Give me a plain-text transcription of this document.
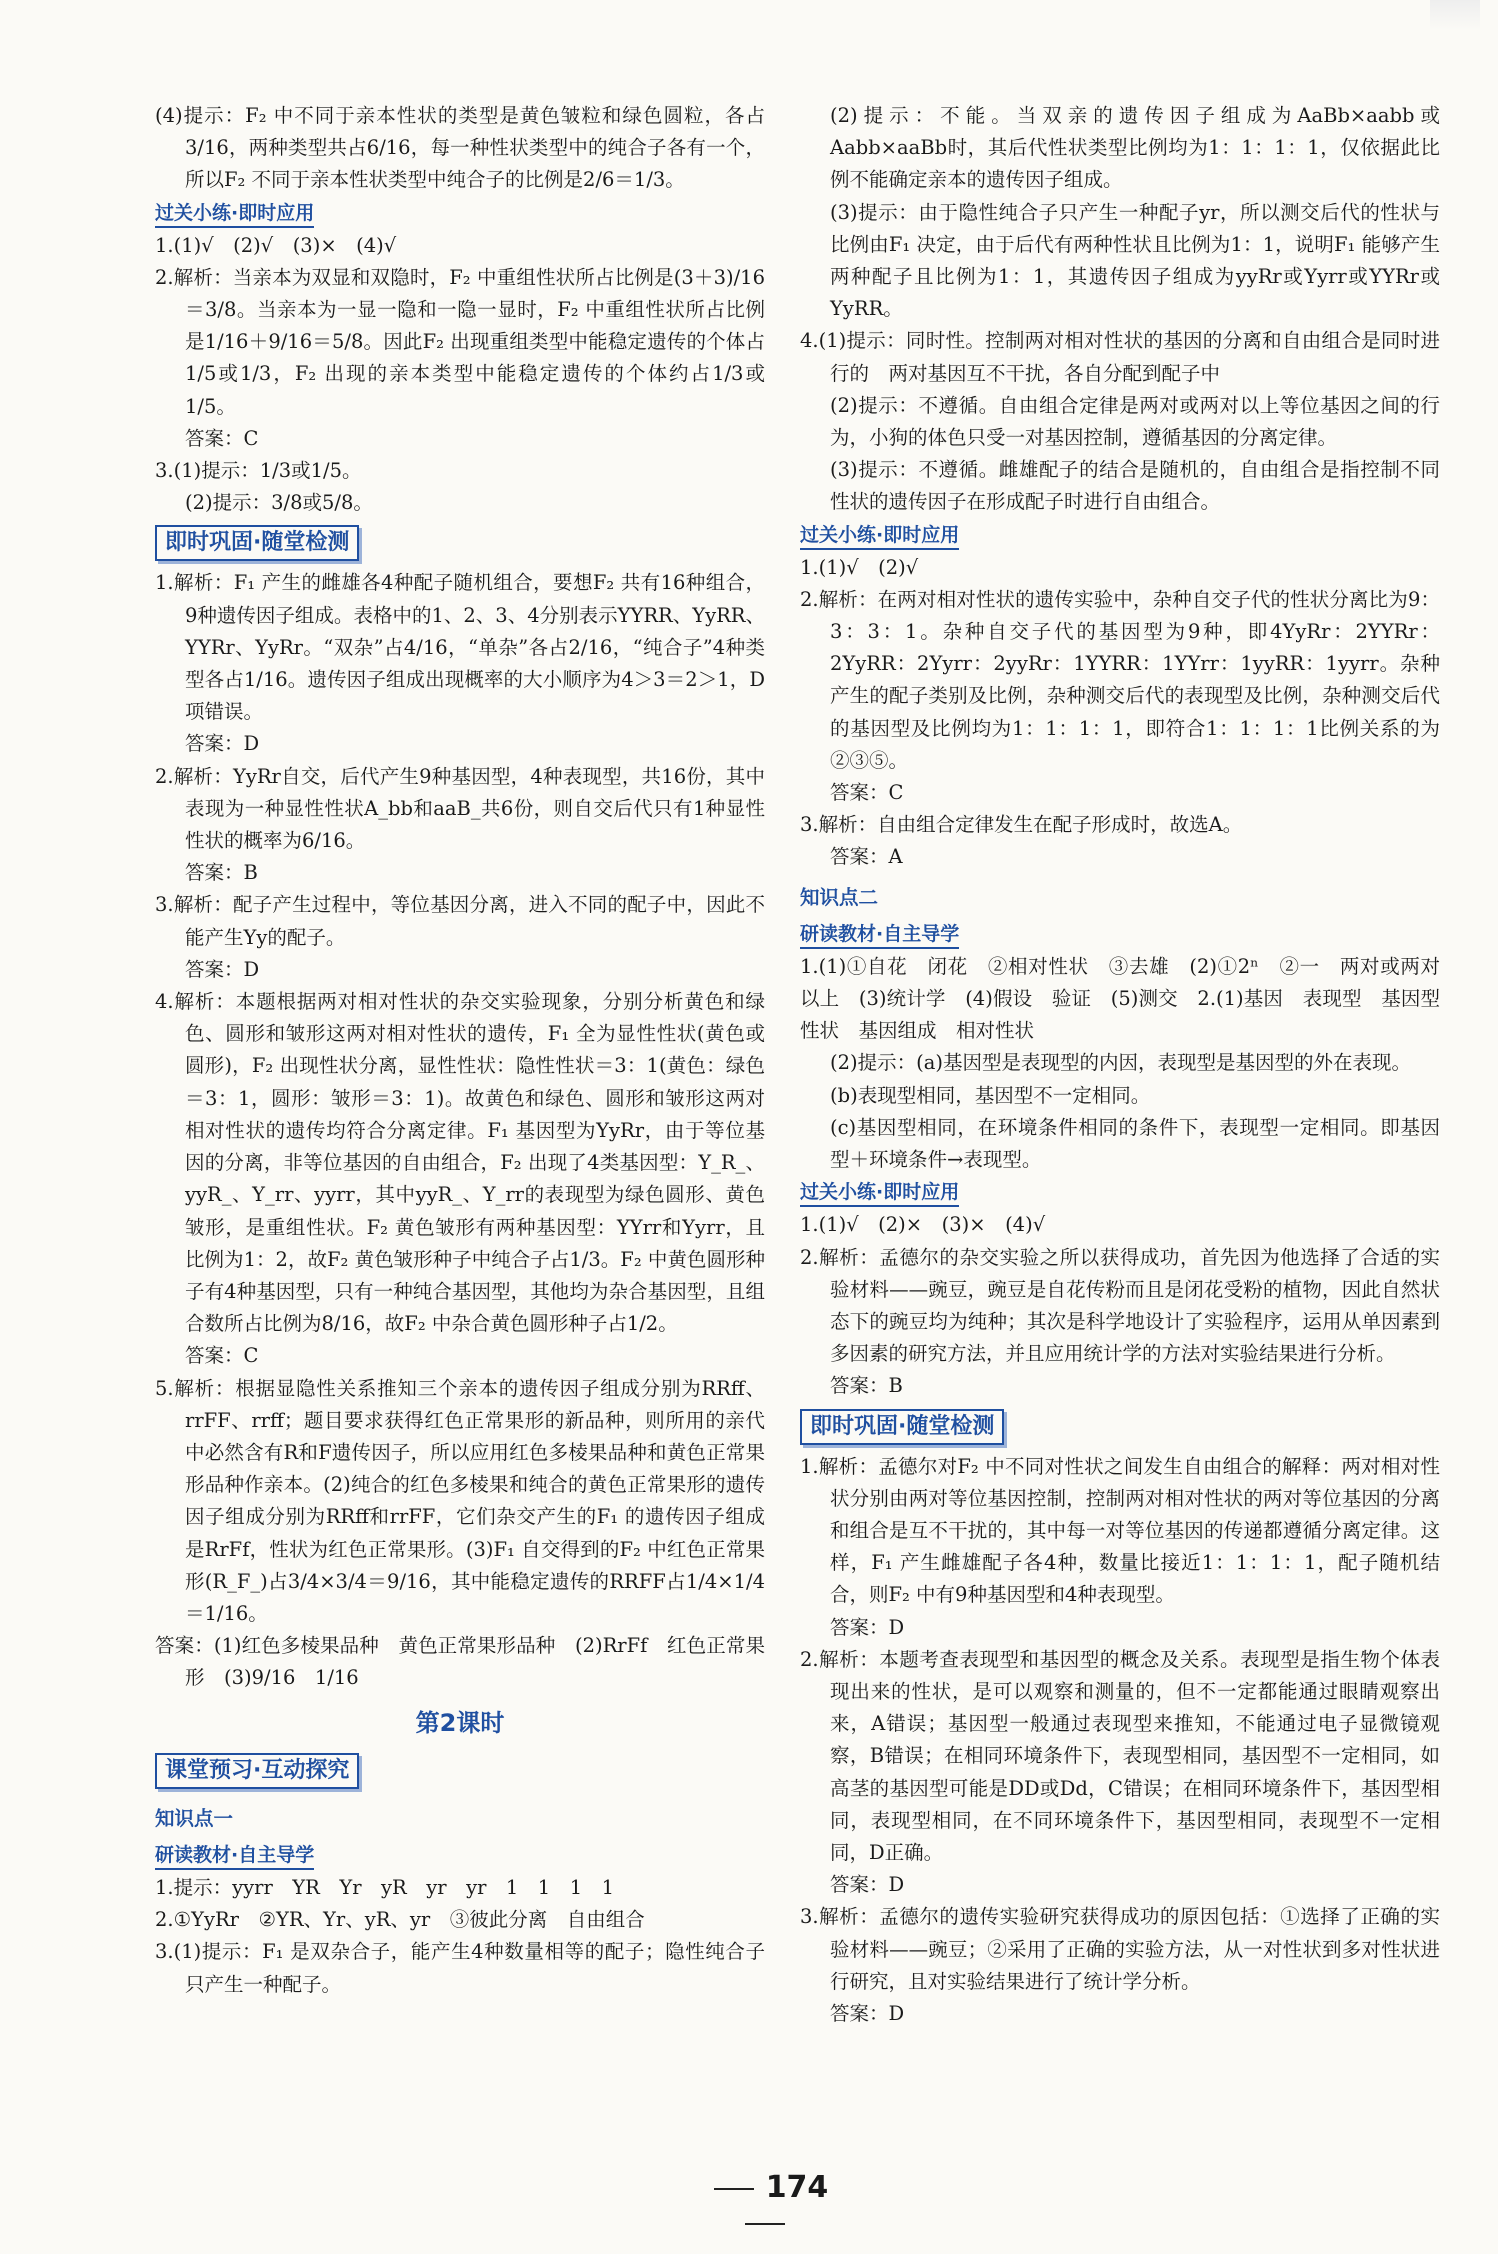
(4)提示：F₂ 中不同于亲本性状的类型是黄色皱粒和绿色圆粒，各占3/16，两种类型共占6/16，每一种性状类型中的纯合子各有一个，所以F₂ 不同于亲本性状类型中纯合子的比例是2/6＝1/3。

过关小练·即时应用

1.(1)√　(2)√　(3)×　(4)√

2.解析：当亲本为双显和双隐时，F₂ 中重组性状所占比例是(3＋3)/16＝3/8。当亲本为一显一隐和一隐一显时，F₂ 中重组性状所占比例是1/16＋9/16＝5/8。因此F₂ 出现重组类型中能稳定遗传的个体占1/5或1/3，F₂ 出现的亲本类型中能稳定遗传的个体约占1/3或1/5。

答案：C

3.(1)提示：1/3或1/5。

(2)提示：3/8或5/8。

即时巩固·随堂检测

1.解析：F₁ 产生的雌雄各4种配子随机组合，要想F₂ 共有16种组合，9种遗传因子组成。表格中的1、2、3、4分别表示YYRR、YyRR、YYRr、YyRr。“双杂”占4/16，“单杂”各占2/16，“纯合子”4种类型各占1/16。遗传因子组成出现概率的大小顺序为4＞3＝2＞1，D项错误。

答案：D

2.解析：YyRr自交，后代产生9种基因型，4种表现型，共16份，其中表现为一种显性性状A_bb和aaB_共6份，则自交后代只有1种显性性状的概率为6/16。

答案：B

3.解析：配子产生过程中，等位基因分离，进入不同的配子中，因此不能产生Yy的配子。

答案：D

4.解析：本题根据两对相对性状的杂交实验现象，分别分析黄色和绿色、圆形和皱形这两对相对性状的遗传，F₁ 全为显性性状(黄色或圆形)，F₂ 出现性状分离，显性性状：隐性性状＝3：1(黄色：绿色＝3：1，圆形：皱形＝3：1)。故黄色和绿色、圆形和皱形这两对相对性状的遗传均符合分离定律。F₁ 基因型为YyRr，由于等位基因的分离，非等位基因的自由组合，F₂ 出现了4类基因型：Y_R_、yyR_、Y_rr、yyrr，其中yyR_、Y_rr的表现型为绿色圆形、黄色皱形，是重组性状。F₂ 黄色皱形有两种基因型：YYrr和Yyrr，且比例为1：2，故F₂ 黄色皱形种子中纯合子占1/3。F₂ 中黄色圆形种子有4种基因型，只有一种纯合基因型，其他均为杂合基因型，且组合数所占比例为8/16，故F₂ 中杂合黄色圆形种子占1/2。

答案：C

5.解析：根据显隐性关系推知三个亲本的遗传因子组成分别为RRff、rrFF、rrff；题目要求获得红色正常果形的新品种，则所用的亲代中必然含有R和F遗传因子，所以应用红色多棱果品种和黄色正常果形品种作亲本。(2)纯合的红色多棱果和纯合的黄色正常果形的遗传因子组成分别为RRff和rrFF，它们杂交产生的F₁ 的遗传因子组成是RrFf，性状为红色正常果形。(3)F₁ 自交得到的F₂ 中红色正常果形(R_F_)占3/4×3/4＝9/16，其中能稳定遗传的RRFF占1/4×1/4＝1/16。

答案：(1)红色多棱果品种　黄色正常果形品种　(2)RrFf　红色正常果形　(3)9/16　1/16

第2课时
课堂预习·互动探究
知识点一
研读教材·自主导学

1.提示：yyrr　YR　Yr　yR　yr　yr　1　1　1　1

2.①YyRr　②YR、Yr、yR、yr　③彼此分离　自由组合

3.(1)提示：F₁ 是双杂合子，能产生4种数量相等的配子；隐性纯合子只产生一种配子。

(2)提示：不能。当双亲的遗传因子组成为AaBb×aabb或Aabb×aaBb时，其后代性状类型比例均为1：1：1：1，仅依据此比例不能确定亲本的遗传因子组成。

(3)提示：由于隐性纯合子只产生一种配子yr，所以测交后代的性状与比例由F₁ 决定，由于后代有两种性状且比例为1：1，说明F₁ 能够产生两种配子且比例为1：1，其遗传因子组成为yyRr或Yyrr或YYRr或YyRR。

4.(1)提示：同时性。控制两对相对性状的基因的分离和自由组合是同时进行的　两对基因互不干扰，各自分配到配子中

(2)提示：不遵循。自由组合定律是两对或两对以上等位基因之间的行为，小狗的体色只受一对基因控制，遵循基因的分离定律。

(3)提示：不遵循。雌雄配子的结合是随机的，自由组合是指控制不同性状的遗传因子在形成配子时进行自由组合。

过关小练·即时应用

1.(1)√　(2)√

2.解析：在两对相对性状的遗传实验中，杂种自交子代的性状分离比为9：3：3：1。杂种自交子代的基因型为9种，即4YyRr：2YYRr：2YyRR：2Yyrr：2yyRr：1YYRR：1YYrr：1yyRR：1yyrr。杂种产生的配子类别及比例，杂种测交后代的表现型及比例，杂种测交后代的基因型及比例均为1：1：1：1，即符合1：1：1：1比例关系的为②③⑤。

答案：C

3.解析：自由组合定律发生在配子形成时，故选A。

答案：A

知识点二
研读教材·自主导学

1.(1)①自花　闭花　②相对性状　③去雄　(2)①2ⁿ　②一　两对或两对以上　(3)统计学　(4)假设　验证　(5)测交　2.(1)基因　表现型　基因型　性状　基因组成　相对性状

(2)提示：(a)基因型是表现型的内因，表现型是基因型的外在表现。

(b)表现型相同，基因型不一定相同。

(c)基因型相同，在环境条件相同的条件下，表现型一定相同。即基因型＋环境条件→表现型。

过关小练·即时应用

1.(1)√　(2)×　(3)×　(4)√

2.解析：孟德尔的杂交实验之所以获得成功，首先因为他选择了合适的实验材料——豌豆，豌豆是自花传粉而且是闭花受粉的植物，因此自然状态下的豌豆均为纯种；其次是科学地设计了实验程序，运用从单因素到多因素的研究方法，并且应用统计学的方法对实验结果进行分析。

答案：B

即时巩固·随堂检测

1.解析：孟德尔对F₂ 中不同对性状之间发生自由组合的解释：两对相对性状分别由两对等位基因控制，控制两对相对性状的两对等位基因的分离和组合是互不干扰的，其中每一对等位基因的传递都遵循分离定律。这样，F₁ 产生雌雄配子各4种，数量比接近1：1：1：1，配子随机结合，则F₂ 中有9种基因型和4种表现型。

答案：D

2.解析：本题考查表现型和基因型的概念及关系。表现型是指生物个体表现出来的性状，是可以观察和测量的，但不一定都能通过眼睛观察出来，A错误；基因型一般通过表现型来推知，不能通过电子显微镜观察，B错误；在相同环境条件下，表现型相同，基因型不一定相同，如高茎的基因型可能是DD或Dd，C错误；在相同环境条件下，基因型相同，表现型相同，在不同环境条件下，基因型相同，表现型不一定相同，D正确。

答案：D

3.解析：孟德尔的遗传实验研究获得成功的原因包括：①选择了正确的实验材料——豌豆；②采用了正确的实验方法，从一对性状到多对性状进行研究，且对实验结果进行了统计学分析。

答案：D

174
